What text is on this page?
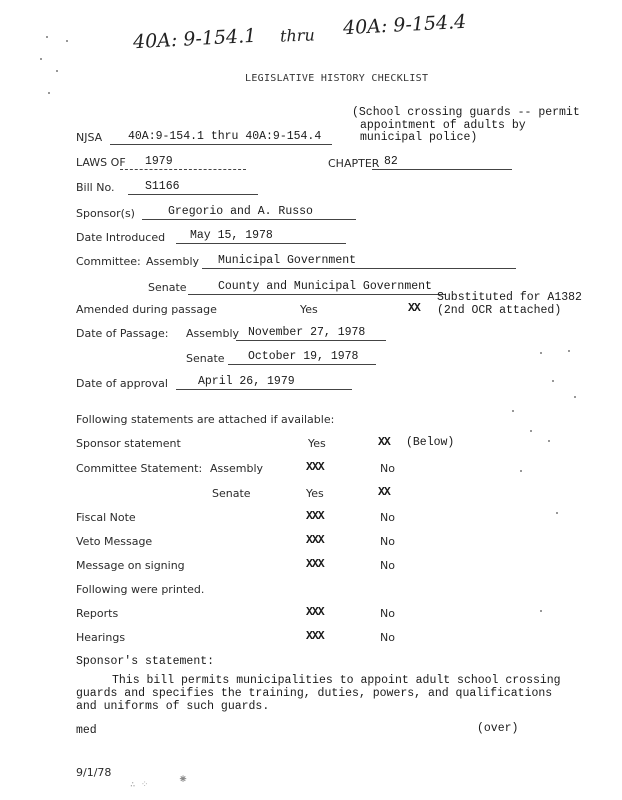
40A: 9-154.1 thru 40A: 9-154.4
LEGISLATIVE HISTORY CHECKLIST
(School crossing guards -- permit
appointment of adults by
municipal police)
NJSA 40A:9-154.1 thru 40A:9-154.4
LAWS OF 1979	CHAPTER 82
Bill No.	S1166
Sponsor(s)	Gregorio and A. Russo
Date Introduced May 15, 1978
Committee: Assembly Municipal Government
Senate	County and Municipal Government
Amended during passage	Yes	XX
Substituted for A1382
(2nd OCR attached)
Date of Passage: Assembly November 27, 1978
Senate October 19, 1978
Date of approval	April 26, 1979
Following statements are attached if available:
Sponsor statement	Yes	XX (Below)
Committee Statement: Assembly	XXX	No
Senate	Yes	XX
Fiscal Note	XXX	No
Veto Message	XXX	No
Message on signing	XXX	No
Following were printed.
Reports	XXX	No
Hearings	XXX	No
Sponsor's statement:
This bill permits municipalities to appoint adult school crossing
guards and specifies the training, duties, powers, and qualifications
and uniforms of such guards.
med	(over)
9/1/78
∴ ⁘ ⁕
